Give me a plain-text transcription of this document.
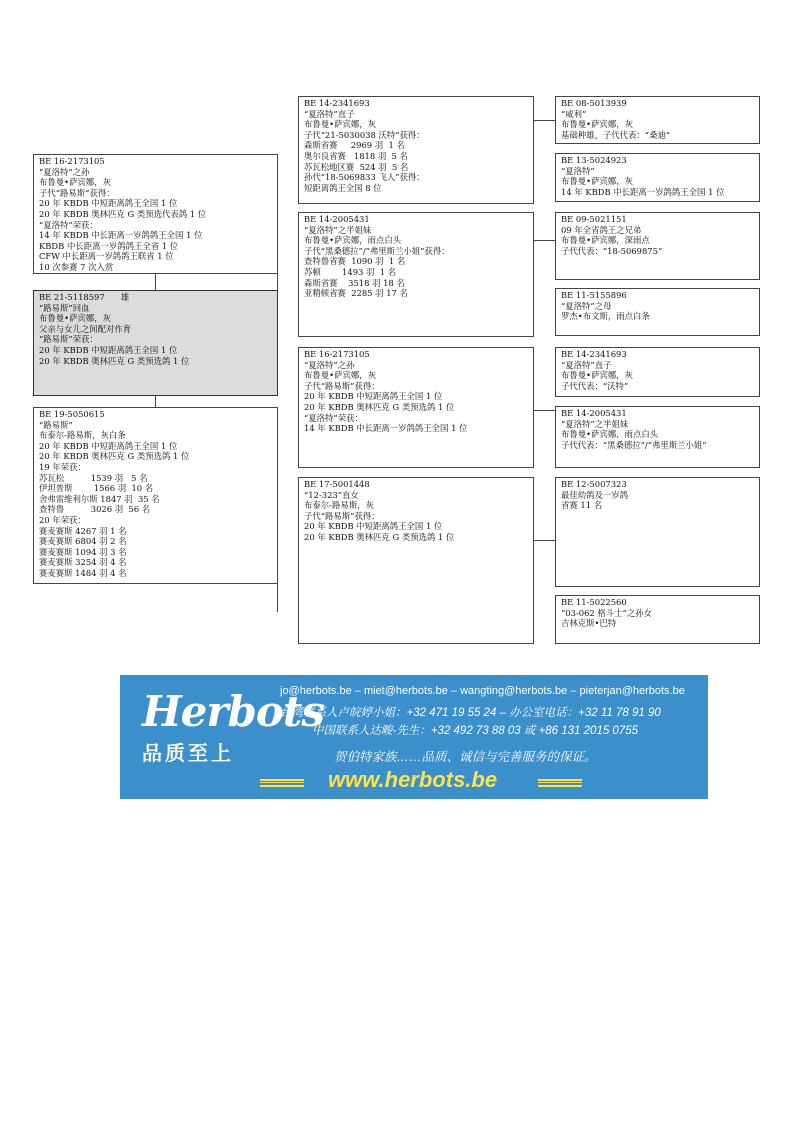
BE 16-2173105
“夏洛特”之孙
布鲁曼•萨宾娜，灰
子代“路易斯”获得：
20 年 KBDB 中短距离鸽王全国 1 位
20 年 KBDB 奥林匹克 G 类预选代表鸽 1 位
“夏洛特”荣获：
14 年 KBDB 中长距离一岁鸽鸽王全国 1 位
KBDB 中长距离一岁鸽鸽王全省 1 位
CFW 中长距离一岁鸽鸽王联省 1 位
10 次参赛 7 次入赏
BE 21-5118597      雄
“路易斯”回血
布鲁曼•萨宾娜，灰
父亲与女儿之间配对作育
“路易斯”荣获：
20 年 KBDB 中短距离鸽王全国 1 位
20 年 KBDB 奥林匹克 G 类预选鸽 1 位
BE 19-5050615
“路易斯”
布泰尔-路易斯，灰白条
20 年 KBDB 中短距离鸽王全国 1 位
20 年 KBDB 奥林匹克 G 类预选鸽 1 位
19 年荣获：
苏瓦松          1539 羽   5 名
伊坦普斯        1566 羽  10 名
舍弗雷维利尔斯 1847 羽  35 名
查特鲁          3026 羽  56 名
20 年荣获：
赛麦赛斯 4267 羽 1 名
赛麦赛斯 6804 羽 2 名
赛麦赛斯 1094 羽 3 名
赛麦赛斯 3254 羽 4 名
赛麦赛斯 1484 羽 4 名
BE 14-2341693
“夏洛特”直子
布鲁曼•萨宾娜，灰
子代“21-5030038 沃特”获得：
森斯省赛     2969 羽  1 名
奥尔良省赛   1818 羽  5 名
苏瓦松地区赛  524 羽  5 名
孙代“18-5069833 飞人”获得：
短距离鸽王全国 8 位
BE 14-2005431
“夏洛特”之半姐妹
布鲁曼•萨宾娜，雨点白头
子代“黑桑德拉”/“弗里斯兰小姐”获得：
查特鲁省赛  1090 羽  1 名
苏顿        1493 羽  1 名
森斯省赛    3518 羽 18 名
亚精顿省赛  2285 羽 17 名
BE 16-2173105
“夏洛特”之孙
布鲁曼•萨宾娜，灰
子代“路易斯”获得：
20 年 KBDB 中短距离鸽王全国 1 位
20 年 KBDB 奥林匹克 G 类预选鸽 1 位
“夏洛特”荣获：
14 年 KBDB 中长距离一岁鸽鸽王全国 1 位
BE 17-5001448
“12-323”直女
布泰尔-路易斯，灰
子代“路易斯”获得：
20 年 KBDB 中短距离鸽王全国 1 位
20 年 KBDB 奥林匹克 G 类预选鸽 1 位
BE 08-5013939
“威利”
布鲁曼•萨宾娜，灰
基础种雄，子代代表：“桑迪”
BE 13-5024923
“夏洛特”
布鲁曼•萨宾娜，灰
14 年 KBDB 中长距离一岁鸽鸽王全国 1 位
BE 09-5021151
09 年全省鸽王之兄弟
布鲁曼•萨宾娜，深雨点
子代代表：“18-5069875”
BE 11-5155896
“夏洛特”之母
罗杰•布文斯，雨点白条
BE 14-2341693
“夏洛特”直子
布鲁曼•萨宾娜，灰
子代代表：“沃特”
BE 14-2005431
“夏洛特”之半姐妹
布鲁曼•萨宾娜，雨点白头
子代代表：“黑桑德拉”/“弗里斯兰小姐”
BE 12-5007323
最佳幼鸽及一岁鸽
省赛 11 名
BE 11-5022560
“03-062 格斗士”之孙女
吉林克斯•巴特
Herbots
品质至上
jo@herbots.be – miet@herbots.be – wangting@herbots.be – pieterjan@herbots.be
台湾联系人卢皖婷小姐：+32 471 19 55 24 – 办公室电话：+32 11 78 91 90
中国联系人达畯-先生：+32 492 73 88 03 或 +86 131 2015 0755
贺伯特家族……品质、诚信与完善服务的保证。
www.herbots.be
